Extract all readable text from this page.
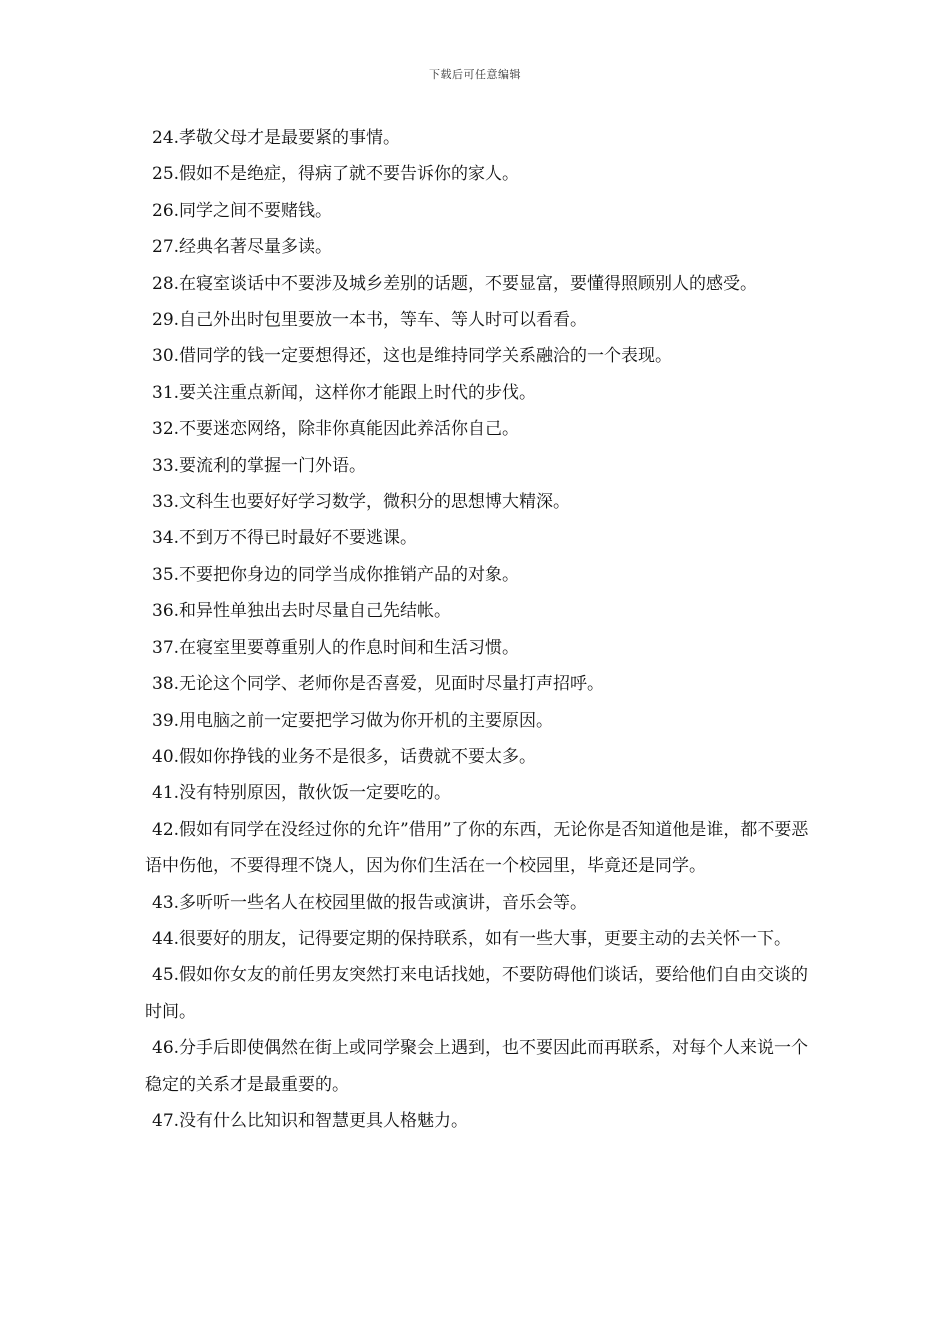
下载后可任意编辑

24.孝敬父母才是最要紧的事情。

25.假如不是绝症，得病了就不要告诉你的家人。

26.同学之间不要赌钱。

27.经典名著尽量多读。

28.在寝室谈话中不要涉及城乡差别的话题，不要显富，要懂得照顾别人的感受。

29.自己外出时包里要放一本书，等车、等人时可以看看。

30.借同学的钱一定要想得还，这也是维持同学关系融洽的一个表现。

31.要关注重点新闻，这样你才能跟上时代的步伐。

32.不要迷恋网络，除非你真能因此养活你自己。

33.要流利的掌握一门外语。

33.文科生也要好好学习数学，微积分的思想博大精深。

34.不到万不得已时最好不要逃课。

35.不要把你身边的同学当成你推销产品的对象。

36.和异性单独出去时尽量自己先结帐。

37.在寝室里要尊重别人的作息时间和生活习惯。

38.无论这个同学、老师你是否喜爱，见面时尽量打声招呼。

39.用电脑之前一定要把学习做为你开机的主要原因。

40.假如你挣钱的业务不是很多，话费就不要太多。

41.没有特别原因，散伙饭一定要吃的。

42.假如有同学在没经过你的允许”借用”了你的东西，无论你是否知道他是谁，都不要恶语中伤他，不要得理不饶人，因为你们生活在一个校园里，毕竟还是同学。

43.多听听一些名人在校园里做的报告或演讲，音乐会等。

44.很要好的朋友，记得要定期的保持联系，如有一些大事，更要主动的去关怀一下。

45.假如你女友的前任男友突然打来电话找她，不要防碍他们谈话，要给他们自由交谈的时间。

46.分手后即使偶然在街上或同学聚会上遇到，也不要因此而再联系，对每个人来说一个稳定的关系才是最重要的。

47.没有什么比知识和智慧更具人格魅力。
